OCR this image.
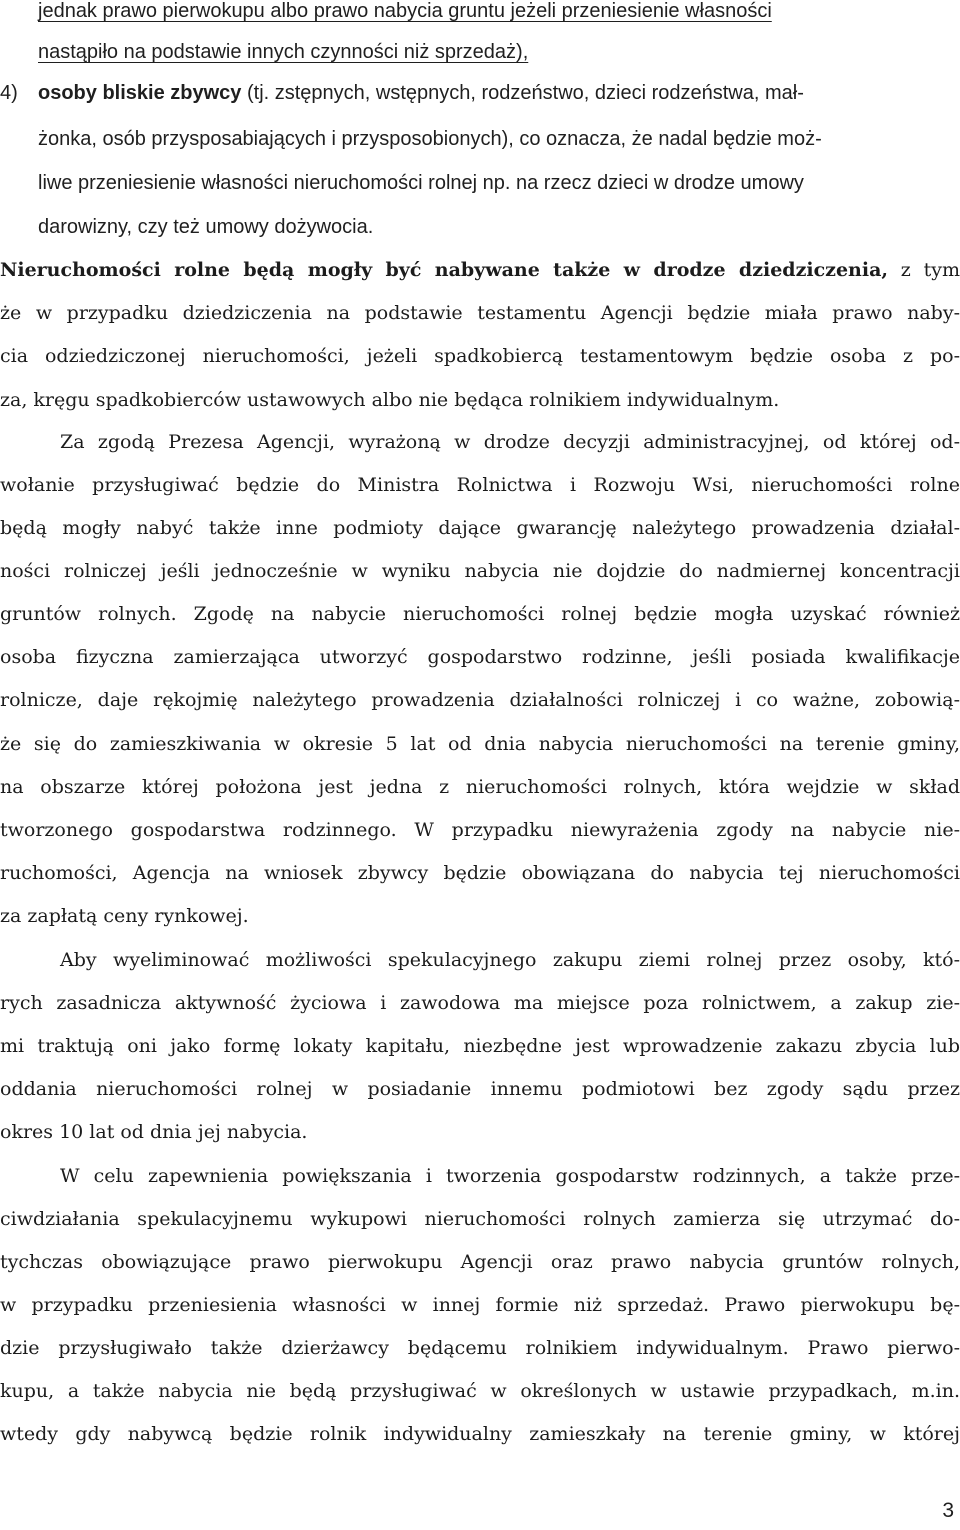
jednak prawo pierwokupu albo prawo nabycia gruntu jeżeli przeniesienie własności
nastąpiło na podstawie innych czynności niż sprzedaż),
4) osoby bliskie zbywcy (tj. zstępnych, wstępnych, rodzeństwo, dzieci rodzeństwa, mał-
żonka, osób przysposabiających i przysposobionych), co oznacza, że nadal będzie moż-
liwe przeniesienie własności nieruchomości rolnej np. na rzecz dzieci w drodze umowy
darowizny, czy też umowy dożywocia.
Nieruchomości rolne będą mogły być nabywane także w drodze dziedziczenia, z tym
że w przypadku dziedziczenia na podstawie testamentu Agencji będzie miała prawo naby-
cia odziedziczonej nieruchomości, jeżeli spadkobiercą testamentowym będzie osoba z po-
za, kręgu spadkobierców ustawowych albo nie będąca rolnikiem indywidualnym.
Za zgodą Prezesa Agencji, wyrażoną w drodze decyzji administracyjnej, od której od-
wołanie przysługiwać będzie do Ministra Rolnictwa i Rozwoju Wsi, nieruchomości rolne
będą mogły nabyć także inne podmioty dające gwarancję należytego prowadzenia działal-
ności rolniczej jeśli jednocześnie w wyniku nabycia nie dojdzie do nadmiernej koncentracji
gruntów rolnych. Zgodę na nabycie nieruchomości rolnej będzie mogła uzyskać również
osoba fizyczna zamierzająca utworzyć gospodarstwo rodzinne, jeśli posiada kwalifikacje
rolnicze, daje rękojmię należytego prowadzenia działalności rolniczej i co ważne, zobowią-
że się do zamieszkiwania w okresie 5 lat od dnia nabycia nieruchomości na terenie gminy,
na obszarze której położona jest jedna z nieruchomości rolnych, która wejdzie w skład
tworzonego gospodarstwa rodzinnego. W przypadku niewyrażenia zgody na nabycie nie-
ruchomości, Agencja na wniosek zbywcy będzie obowiązana do nabycia tej nieruchomości
za zapłatą ceny rynkowej.
Aby wyeliminować możliwości spekulacyjnego zakupu ziemi rolnej przez osoby, któ-
rych zasadnicza aktywność życiowa i zawodowa ma miejsce poza rolnictwem, a zakup zie-
mi traktują oni jako formę lokaty kapitału, niezbędne jest wprowadzenie zakazu zbycia lub
oddania nieruchomości rolnej w posiadanie innemu podmiotowi bez zgody sądu przez
okres 10 lat od dnia jej nabycia.
W celu zapewnienia powiększania i tworzenia gospodarstw rodzinnych, a także prze-
ciwdziałania spekulacyjnemu wykupowi nieruchomości rolnych zamierza się utrzymać do-
tychczas obowiązujące prawo pierwokupu Agencji oraz prawo nabycia gruntów rolnych,
w przypadku przeniesienia własności w innej formie niż sprzedaż. Prawo pierwokupu bę-
dzie przysługiwało także dzierżawcy będącemu rolnikiem indywidualnym. Prawo pierwo-
kupu, a także nabycia nie będą przysługiwać w określonych w ustawie przypadkach, m.in.
wtedy gdy nabywcą będzie rolnik indywidualny zamieszkały na terenie gminy, w której
3
